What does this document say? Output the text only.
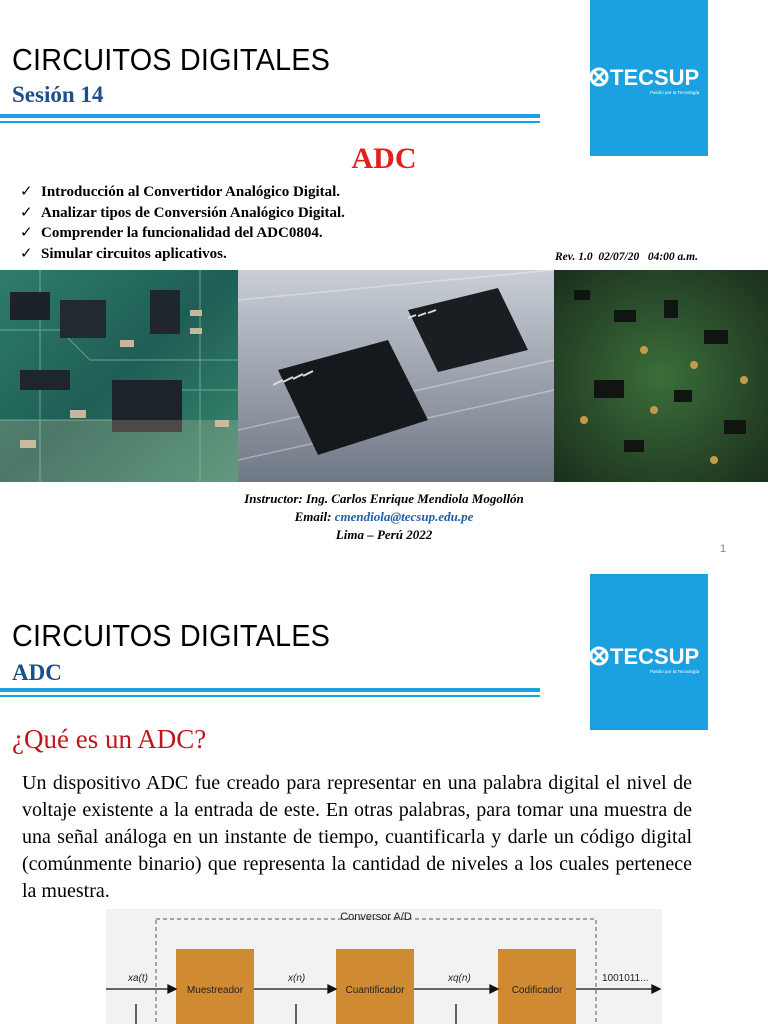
CIRCUITOS DIGITALES
Sesión 14
TECSUP
Pasión por la Tecnología
ADC
✓ Introducción al Convertidor Analógico Digital.
✓ Analizar tipos de Conversión Analógico Digital.
✓ Comprender la funcionalidad del ADC0804.
✓ Simular circuitos aplicativos.	Rev. 1.0  02/07/20   04:00 a.m.
Instructor: Ing. Carlos Enrique Mendiola Mogollón
Email: cmendiola@tecsup.edu.pe
Lima – Perú 2022
1
CIRCUITOS DIGITALES
ADC
TECSUP
Pasión por la Tecnología
¿Qué es un ADC?
Un dispositivo ADC fue creado para representar en una palabra digital el nivel de voltaje existente a la entrada de este. En otras palabras, para tomar una muestra de una señal análoga en un instante de tiempo, cuantificarla y darle un código digital (comúnmente binario) que representa la cantidad de niveles a los cuales pertenece la muestra.
Conversor A/D
Muestreador	Cuantificador	Codificador
xa(t)	x(n)	xq(n)	1001011...
